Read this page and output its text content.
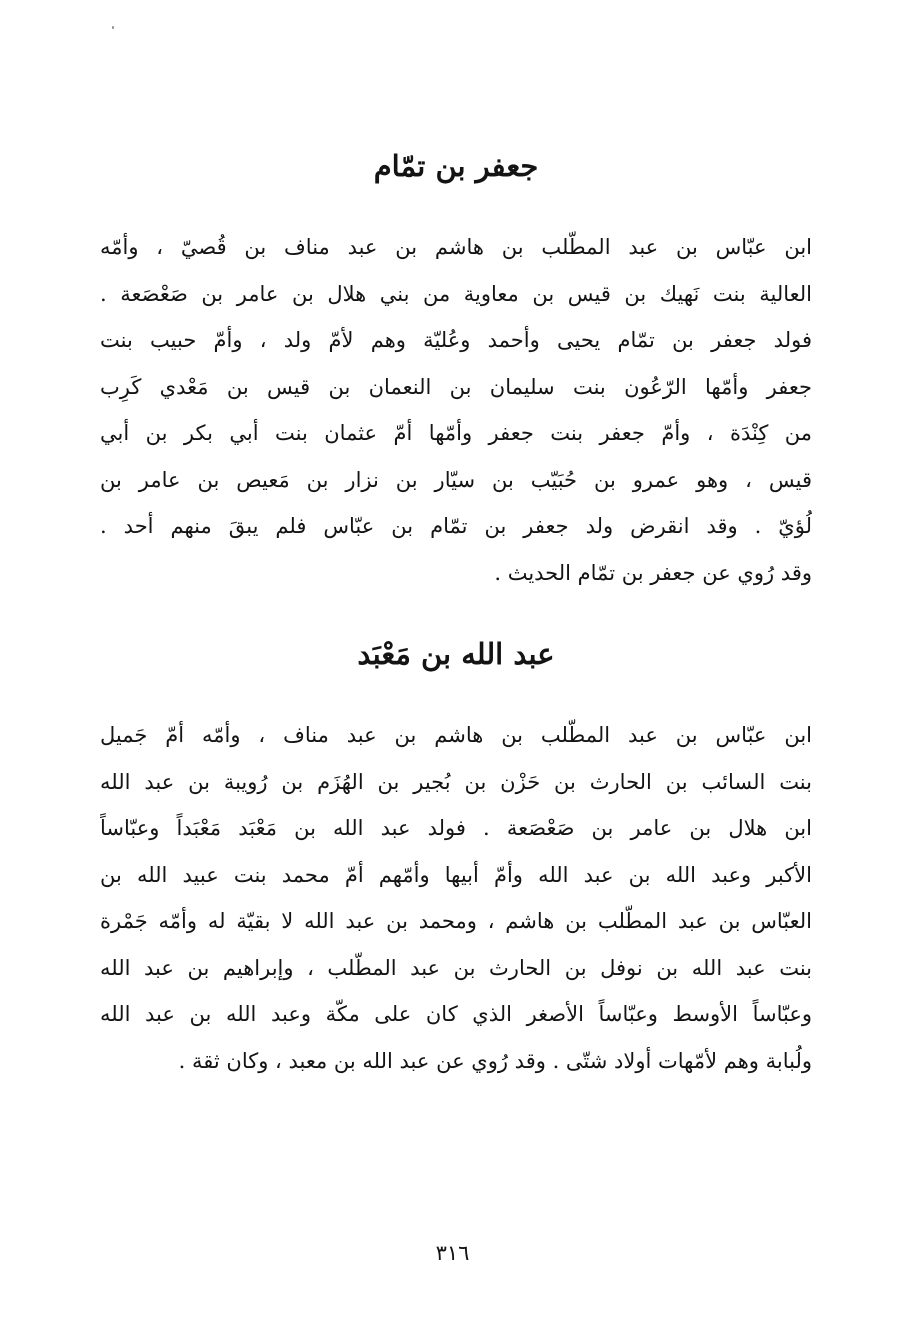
جعفر بن تمّام
ابن عبّاس بن عبد المطّلب بن هاشم بن عبد مناف بن قُصيّ ، وأمّه
العالية بنت نَهيك بن قيس بن معاوية من بني هلال بن عامر بن صَعْصَعة .
فولد جعفر بن تمّام يحيى وأحمد وعُليّة وهم لأمّ ولد ، وأمّ حبيب بنت
جعفر وأمّها الرّعُون بنت سليمان بن النعمان بن قيس بن مَعْدي كَرِب
من كِنْدَة ، وأمّ جعفر بنت جعفر وأمّها أمّ عثمان بنت أبي بكر بن أبي
قيس ، وهو عمرو بن حُبَيّب بن سيّار بن نزار بن مَعيص بن عامر بن
لُؤيّ . وقد انقرض ولد جعفر بن تمّام بن عبّاس فلم يبقَ منهم أحد .
وقد رُوي عن جعفر بن تمّام الحديث .
عبد الله بن مَعْبَد
ابن عبّاس بن عبد المطّلب بن هاشم بن عبد مناف ، وأمّه أمّ جَميل
بنت السائب بن الحارث بن حَزْن بن بُجير بن الهُزَم بن رُويبة بن عبد الله
ابن هلال بن عامر بن صَعْصَعة . فولد عبد الله بن مَعْبَد مَعْبَداً وعبّاساً
الأكبر وعبد الله بن عبد الله وأمّ أبيها وأمّهم أمّ محمد بنت عبيد الله بن
العبّاس بن عبد المطّلب بن هاشم ، ومحمد بن عبد الله لا بقيّة له وأمّه جَمْرة
بنت عبد الله بن نوفل بن الحارث بن عبد المطّلب ، وإبراهيم بن عبد الله
وعبّاساً الأوسط وعبّاساً الأصغر الذي كان على مكّة وعبد الله بن عبد الله
ولُبابة وهم لأمّهات أولاد شتّى . وقد رُوي عن عبد الله بن معبد ، وكان ثقة .
٣١٦
